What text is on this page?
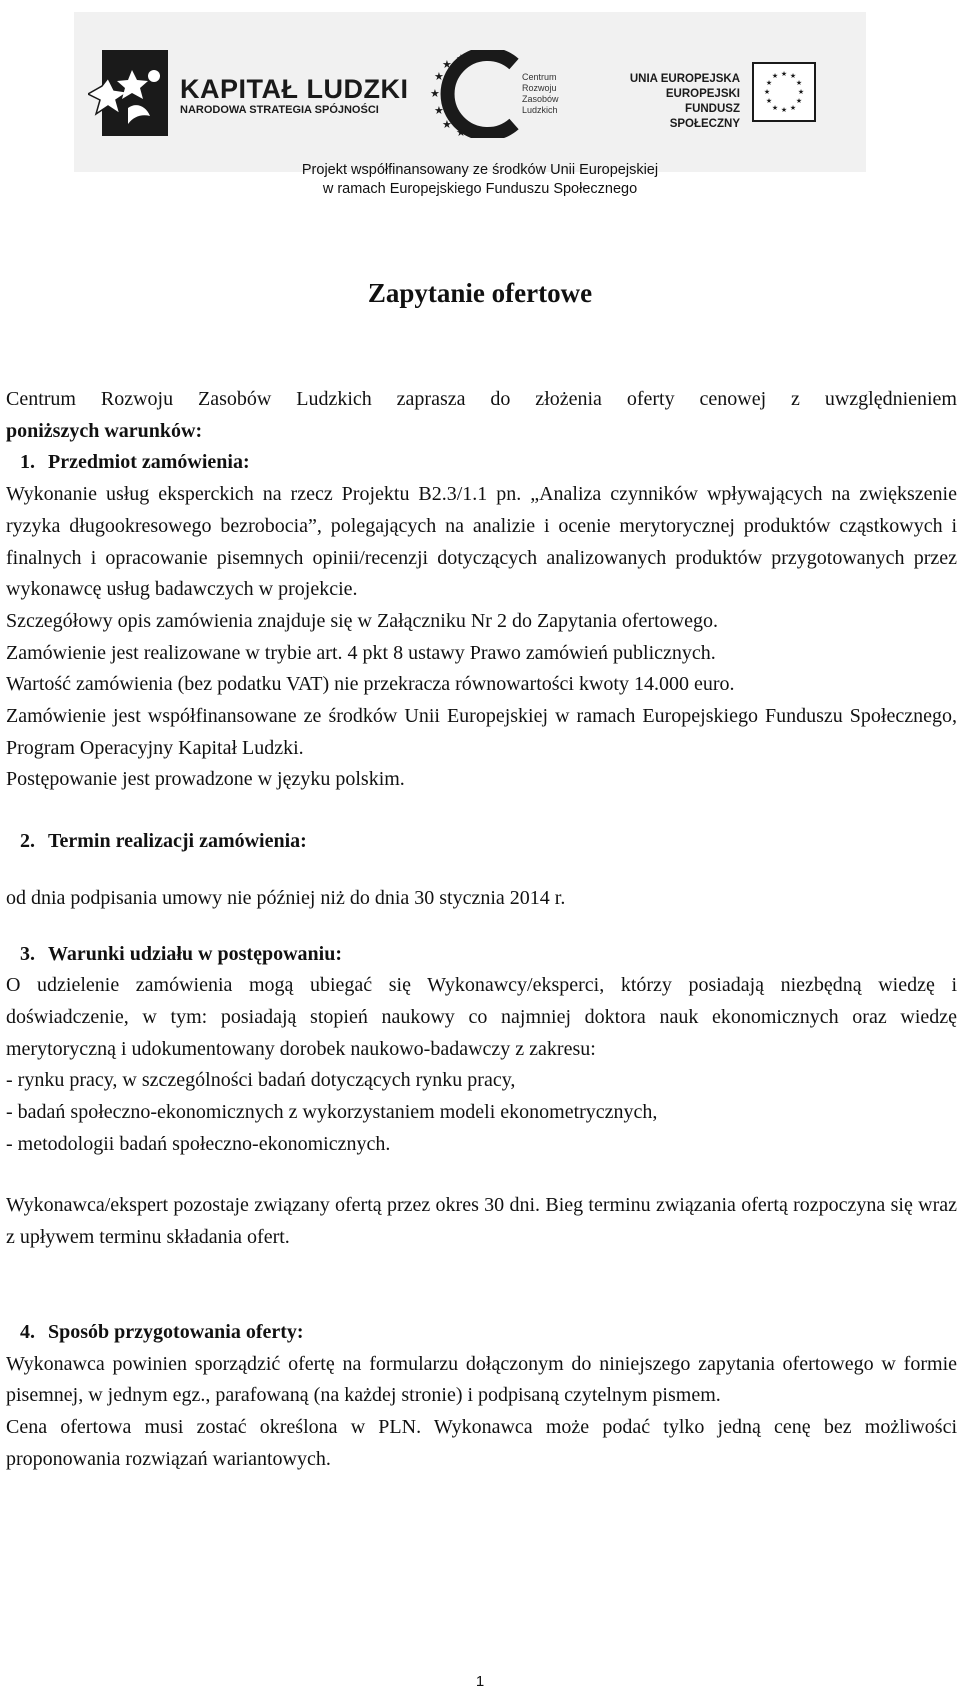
KAPITAŁ LUDZKI
NARODOWA STRATEGIA SPÓJNOŚCI
★
★
★
★
★
★
★
Centrum
Rozwoju
Zasobów
Ludzkich
UNIA EUROPEJSKA
EUROPEJSKI
FUNDUSZ SPOŁECZNY
★ ★
★
★
★
★
★
★
★
★
★
★
Projekt współfinansowany ze środków Unii Europejskiej
w ramach Europejskiego Funduszu Społecznego
Zapytanie ofertowe

Centrum Rozwoju Zasobów Ludzkich zaprasza do złożenia oferty cenowej z uwzględnieniem

poniższych warunków:

1. Przedmiot zamówienia:

Wykonanie usług eksperckich na rzecz Projektu B2.3/1.1 pn. „Analiza czynników wpływających na zwiększenie ryzyka długookresowego bezrobocia”, polegających na analizie i ocenie merytorycznej produktów cząstkowych i finalnych i opracowanie pisemnych opinii/recenzji dotyczących analizowanych produktów przygotowanych przez wykonawcę usług badawczych w projekcie.

Szczegółowy opis zamówienia znajduje się w Załączniku Nr 2 do Zapytania ofertowego.

Zamówienie jest realizowane w trybie art. 4 pkt 8 ustawy Prawo zamówień publicznych.

Wartość zamówienia (bez podatku VAT) nie przekracza równowartości kwoty 14.000 euro.

Zamówienie jest współfinansowane ze środków Unii Europejskiej w ramach Europejskiego Funduszu Społecznego, Program Operacyjny Kapitał Ludzki.

Postępowanie jest prowadzone w języku polskim.

2. Termin realizacji zamówienia:

od dnia podpisania umowy nie później niż do dnia 30 stycznia 2014 r.

3. Warunki udziału w postępowaniu:

O udzielenie zamówienia mogą ubiegać się Wykonawcy/eksperci, którzy posiadają niezbędną wiedzę i doświadczenie, w tym: posiadają stopień naukowy co najmniej doktora nauk ekonomicznych oraz wiedzę merytoryczną i udokumentowany dorobek naukowo-badawczy z zakresu:

- rynku pracy, w szczególności badań dotyczących rynku pracy,

- badań społeczno-ekonomicznych z wykorzystaniem modeli ekonometrycznych,

- metodologii badań społeczno-ekonomicznych.

Wykonawca/ekspert pozostaje związany ofertą przez okres 30 dni. Bieg terminu związania ofertą rozpoczyna się wraz z upływem terminu składania ofert.

4. Sposób przygotowania oferty:

Wykonawca powinien sporządzić ofertę na formularzu dołączonym do niniejszego zapytania ofertowego w formie pisemnej, w jednym egz., parafowaną (na każdej stronie) i podpisaną czytelnym pismem.

Cena ofertowa musi zostać określona w PLN. Wykonawca może podać tylko jedną cenę bez możliwości proponowania rozwiązań wariantowych.

1
